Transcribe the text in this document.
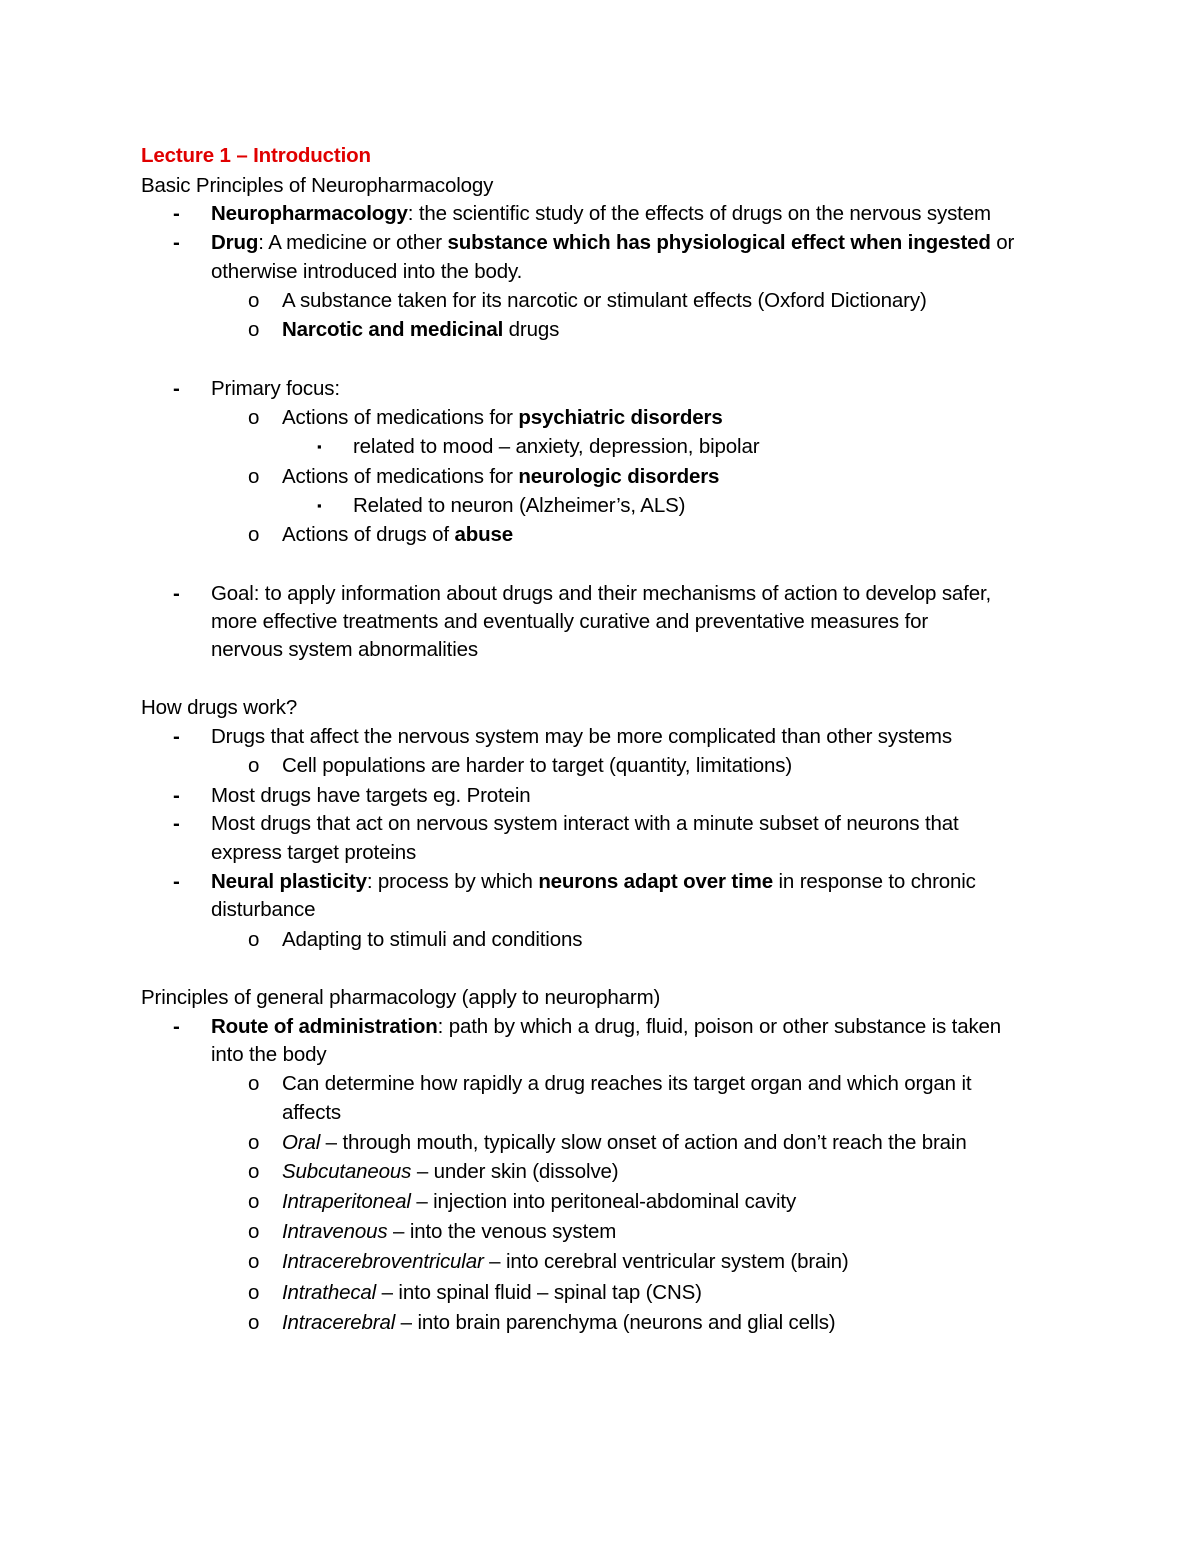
Lecture 1 – Introduction
Basic Principles of Neuropharmacology
- Neuropharmacology: the scientific study of the effects of drugs on the nervous system
- Drug: A medicine or other substance which has physiological effect when ingested or
otherwise introduced into the body.
o A substance taken for its narcotic or stimulant effects (Oxford Dictionary)
o Narcotic and medicinal drugs
- Primary focus:
o Actions of medications for psychiatric disorders
▪ related to mood – anxiety, depression, bipolar
o Actions of medications for neurologic disorders
▪ Related to neuron (Alzheimer’s, ALS)
o Actions of drugs of abuse
- Goal: to apply information about drugs and their mechanisms of action to develop safer,
more effective treatments and eventually curative and preventative measures for
nervous system abnormalities
How drugs work?
- Drugs that affect the nervous system may be more complicated than other systems
o Cell populations are harder to target (quantity, limitations)
- Most drugs have targets eg. Protein
- Most drugs that act on nervous system interact with a minute subset of neurons that
express target proteins
- Neural plasticity: process by which neurons adapt over time in response to chronic
disturbance
o Adapting to stimuli and conditions
Principles of general pharmacology (apply to neuropharm)
- Route of administration: path by which a drug, fluid, poison or other substance is taken
into the body
o Can determine how rapidly a drug reaches its target organ and which organ it
affects
o Oral – through mouth, typically slow onset of action and don’t reach the brain
o Subcutaneous – under skin (dissolve)
o Intraperitoneal – injection into peritoneal-abdominal cavity
o Intravenous – into the venous system
o Intracerebroventricular – into cerebral ventricular system (brain)
o Intrathecal – into spinal fluid – spinal tap (CNS)
o Intracerebral – into brain parenchyma (neurons and glial cells)
